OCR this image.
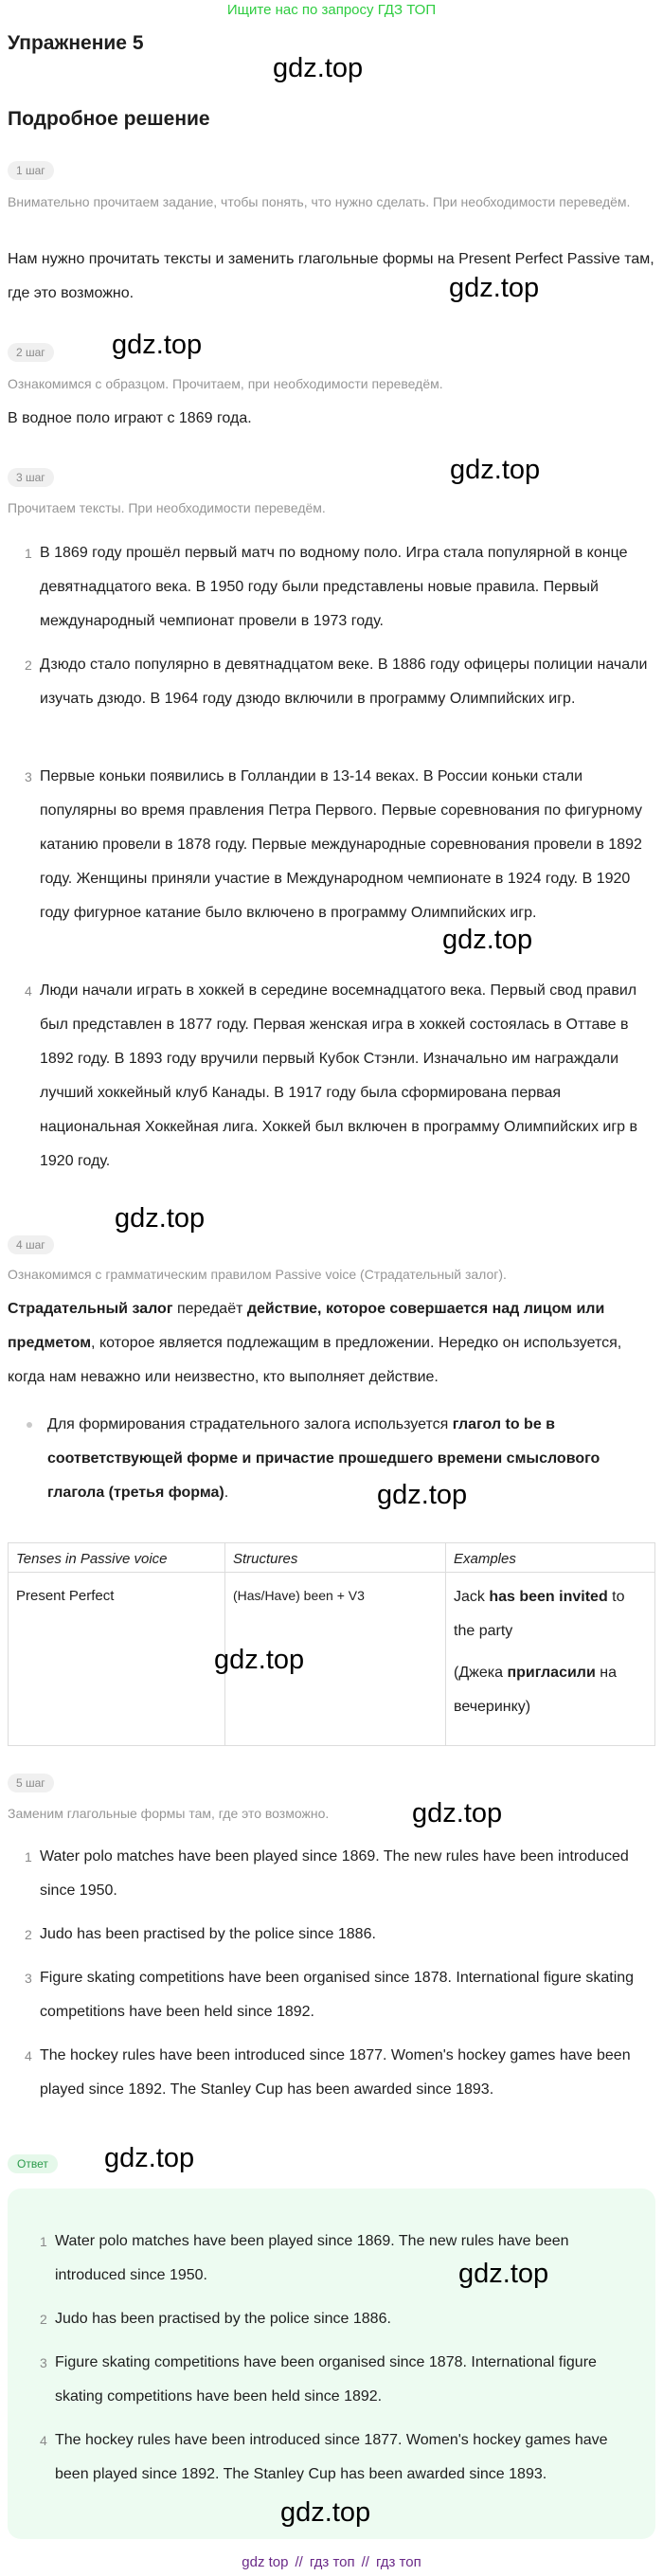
Ищите нас по запросу ГДЗ ТОП
Упражнение 5
gdz.top
Подробное решение
1 шаг
Внимательно прочитаем задание, чтобы понять, что нужно сделать. При необходимости переведём.
Нам нужно прочитать тексты и заменить глагольные формы на Present Perfect Passive там, где это возможно.	gdz.top
2 шаг	gdz.top
Ознакомимся с образцом. Прочитаем, при необходимости переведём.
В водное поло играют с 1869 года.
3 шаг	gdz.top
Прочитаем тексты. При необходимости переведём.
1 В 1869 году прошёл первый матч по водному поло. Игра стала популярной в конце девятнадцатого века. В 1950 году были представлены новые правила. Первый международный чемпионат провели в 1973 году.
2 Дзюдо стало популярно в девятнадцатом веке. В 1886 году офицеры полиции начали изучать дзюдо. В 1964 году дзюдо включили в программу Олимпийских игр.
3 Первые коньки появились в Голландии в 13-14 веках. В России коньки стали популярны во время правления Петра Первого. Первые соревнования по фигурному катанию провели в 1878 году. Первые международные соревнования провели в 1892 году. Женщины приняли участие в Международном чемпионате в 1924 году. В 1920 году фигурное катание было включено в программу Олимпийских игр.
gdz.top
4 Люди начали играть в хоккей в середине восемнадцатого века. Первый свод правил был представлен в 1877 году. Первая женская игра в хоккей состоялась в Оттаве в 1892 году. В 1893 году вручили первый Кубок Стэнли. Изначально им награждали лучший хоккейный клуб Канады. В 1917 году была сформирована первая национальная Хоккейная лига. Хоккей был включен в программу Олимпийских игр в 1920 году.
gdz.top
4 шаг
Ознакомимся с грамматическим правилом Passive voice (Страдательный залог).
Страдательный залог передаёт действие, которое совершается над лицом или предметом, которое является подлежащим в предложении. Нередко он используется, когда нам неважно или неизвестно, кто выполняет действие.
Для формирования страдательного залога используется глагол to be в соответствующей форме и причастие прошедшего времени смыслового глагола (третья форма).	gdz.top
Tenses in Passive voice	Structures	Examples
Present Perfect	(Has/Have) been + V3	Jack has been invited to the party
(Джека пригласили на вечеринку)
gdz.top
5 шаг
Заменим глагольные формы там, где это возможно.	gdz.top
1 Water polo matches have been played since 1869. The new rules have been introduced since 1950.
2 Judo has been practised by the police since 1886.
3 Figure skating competitions have been organised since 1878. International figure skating competitions have been held since 1892.
4 The hockey rules have been introduced since 1877. Women's hockey games have been played since 1892. The Stanley Cup has been awarded since 1893.
Ответ	gdz.top
1 Water polo matches have been played since 1869. The new rules have been introduced since 1950.	gdz.top
2 Judo has been practised by the police since 1886.
3 Figure skating competitions have been organised since 1878. International figure skating competitions have been held since 1892.
4 The hockey rules have been introduced since 1877. Women's hockey games have been played since 1892. The Stanley Cup has been awarded since 1893.
gdz.top
gdz top // гдз топ // гдз топ
